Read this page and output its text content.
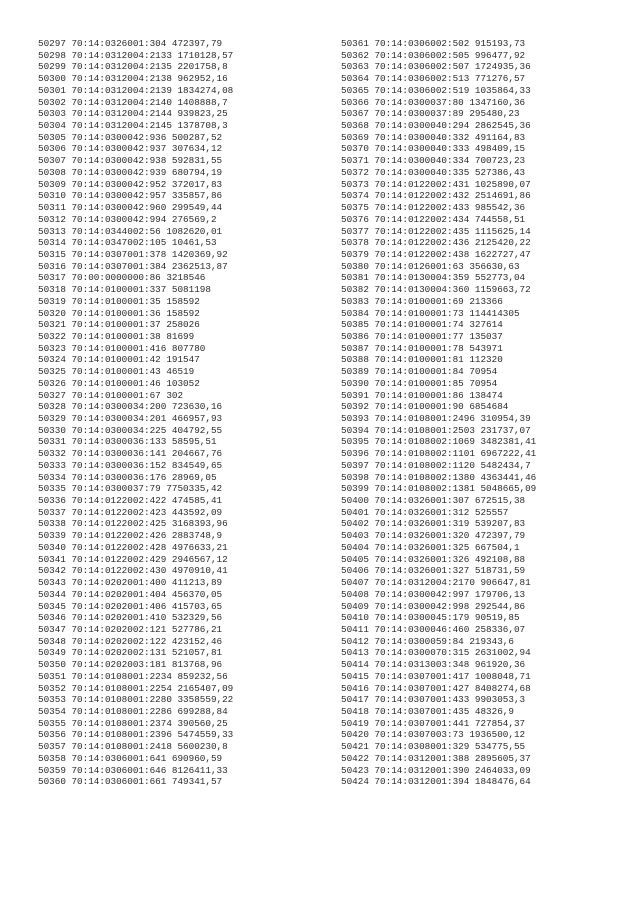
50297 70:14:0326001:304 472397,79
50298 70:14:0312004:2133 1710128,57
50299 70:14:0312004:2135 2201758,8
50300 70:14:0312004:2138 962952,16
50301 70:14:0312004:2139 1834274,08
50302 70:14:0312004:2140 1408888,7
50303 70:14:0312004:2144 939823,25
50304 70:14:0312004:2145 1378708,3
50305 70:14:0300042:936 500287,52
50306 70:14:0300042:937 307634,12
50307 70:14:0300042:938 592831,55
50308 70:14:0300042:939 680794,19
50309 70:14:0300042:952 372017,83
50310 70:14:0300042:957 335857,86
50311 70:14:0300042:960 299549,44
50312 70:14:0300042:994 276569,2
50313 70:14:0344002:56 1082620,01
50314 70:14:0347002:105 10461,53
50315 70:14:0307001:378 1420369,92
50316 70:14:0307001:384 2362513,87
50317 70:00:0000000:86 3218546
50318 70:14:0100001:337 5081198
50319 70:14:0100001:35 158592
50320 70:14:0100001:36 158592
50321 70:14:0100001:37 258026
50322 70:14:0100001:38 81699
50323 70:14:0100001:416 807780
50324 70:14:0100001:42 191547
50325 70:14:0100001:43 46519
50326 70:14:0100001:46 103052
50327 70:14:0100001:67 302
50328 70:14:0300034:200 723630,16
50329 70:14:0300034:201 466957,93
50330 70:14:0300034:225 404792,55
50331 70:14:0300036:133 58595,51
50332 70:14:0300036:141 204667,76
50333 70:14:0300036:152 834549,65
50334 70:14:0300036:176 28969,05
50335 70:14:0300037:79 7750335,42
50336 70:14:0122002:422 474585,41
50337 70:14:0122002:423 443592,09
50338 70:14:0122002:425 3168393,96
50339 70:14:0122002:426 2883748,9
50340 70:14:0122002:428 4976633,21
50341 70:14:0122002:429 2946567,12
50342 70:14:0122002:430 4970910,41
50343 70:14:0202001:400 411213,89
50344 70:14:0202001:404 456370,05
50345 70:14:0202001:406 415703,65
50346 70:14:0202001:410 532329,56
50347 70:14:0202002:121 527786,21
50348 70:14:0202002:122 423152,46
50349 70:14:0202002:131 521057,81
50350 70:14:0202003:181 813768,96
50351 70:14:0108001:2234 859232,56
50352 70:14:0108001:2254 2165407,09
50353 70:14:0108001:2280 3358559,22
50354 70:14:0108001:2286 699288,84
50355 70:14:0108001:2374 390560,25
50356 70:14:0108001:2396 5474559,33
50357 70:14:0108001:2418 5600230,8
50358 70:14:0306001:641 690960,59
50359 70:14:0306001:646 8126411,33
50360 70:14:0306001:661 749341,57
50361 70:14:0306002:502 915193,73
50362 70:14:0306002:505 996477,92
50363 70:14:0306002:507 1724935,36
50364 70:14:0306002:513 771276,57
50365 70:14:0306002:519 1035864,33
50366 70:14:0300037:80 1347160,36
50367 70:14:0300037:89 295480,23
50368 70:14:0300040:294 2862545,36
50369 70:14:0300040:332 491164,83
50370 70:14:0300040:333 498409,15
50371 70:14:0300040:334 700723,23
50372 70:14:0300040:335 527386,43
50373 70:14:0122002:431 1025890,07
50374 70:14:0122002:432 2514691,86
50375 70:14:0122002:433 985542,36
50376 70:14:0122002:434 744558,51
50377 70:14:0122002:435 1115625,14
50378 70:14:0122002:436 2125420,22
50379 70:14:0122002:438 1622727,47
50380 70:14:0126001:63 356630,63
50381 70:14:0130004:359 552773,04
50382 70:14:0130004:360 1159663,72
50383 70:14:0100001:69 213366
50384 70:14:0100001:73 114414305
50385 70:14:0100001:74 327614
50386 70:14:0100001:77 135037
50387 70:14:0100001:78 543971
50388 70:14:0100001:81 112320
50389 70:14:0100001:84 70954
50390 70:14:0100001:85 70954
50391 70:14:0100001:86 138474
50392 70:14:0100001:90 6854684
50393 70:14:0108001:2496 310954,39
50394 70:14:0108001:2503 231737,07
50395 70:14:0108002:1069 3482381,41
50396 70:14:0108002:1101 6967222,41
50397 70:14:0108002:1120 5482434,7
50398 70:14:0108002:1380 4363441,46
50399 70:14:0108002:1381 5048665,09
50400 70:14:0326001:307 672515,38
50401 70:14:0326001:312 525557
50402 70:14:0326001:319 539207,83
50403 70:14:0326001:320 472397,79
50404 70:14:0326001:325 667504,1
50405 70:14:0326001:326 492108,88
50406 70:14:0326001:327 518731,59
50407 70:14:0312004:2170 906647,81
50408 70:14:0300042:997 179706,13
50409 70:14:0300042:998 292544,86
50410 70:14:0300045:179 90519,85
50411 70:14:0300046:460 258336,07
50412 70:14:0300059:84 219343,6
50413 70:14:0300070:315 2631002,94
50414 70:14:0313003:348 961920,36
50415 70:14:0307001:417 1008048,71
50416 70:14:0307001:427 8408274,68
50417 70:14:0307001:433 9903053,3
50418 70:14:0307001:435 48326,9
50419 70:14:0307001:441 727854,37
50420 70:14:0307003:73 1936500,12
50421 70:14:0308001:329 534775,55
50422 70:14:0312001:388 2895605,37
50423 70:14:0312001:390 2464033,09
50424 70:14:0312001:394 1848476,64
